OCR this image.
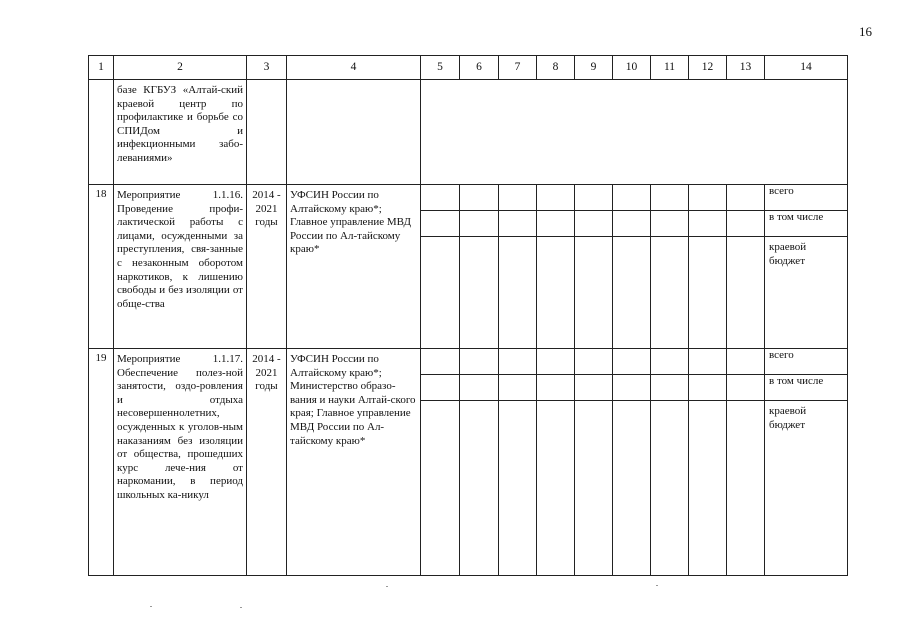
16
1	2	3	4	5	6	7	8	9	10	11	12	13	14
	базе КГБУЗ «Алтай-ский краевой центр по профилактике и борьбе со СПИДом и инфекционными забо-леваниями»												
18	Мероприятие 1.1.16. Проведение профи-лактической работы с лицами, осужденными за преступления, свя-занные с незаконным оборотом наркотиков, к лишению свободы и без изоляции от обще-ства	2014 - 2021 годы	УФСИН России по Алтайскому краю*; Главное управление МВД России по Ал-тайскому краю*										всего
													в том числе
													краевой бюджет
19	Мероприятие 1.1.17. Обеспечение полез-ной занятости, оздо-ровления и отдыха несовершеннолетних, осужденных к уголов-ным наказаниям без изоляции от общества, прошедших курс лече-ния от наркомании, в период школьных ка-никул	2014 - 2021 годы	УФСИН России по Алтайскому краю*; Министерство образо-вания и науки Алтай-ского края; Главное управление МВД России по Ал-тайскому краю*										всего
													в том числе
													краевой бюджет
